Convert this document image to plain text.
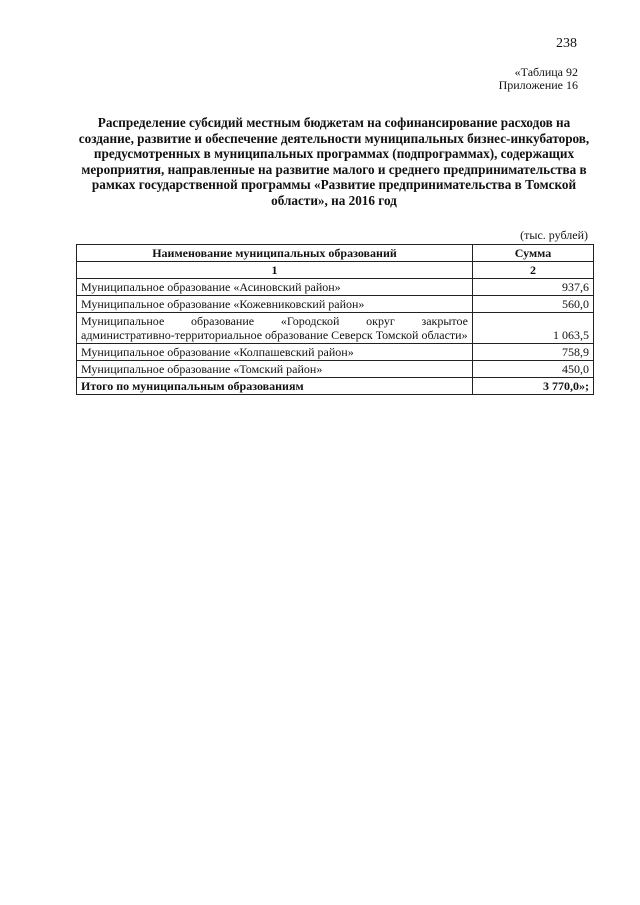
238
«Таблица 92
Приложение 16
Распределение субсидий местным бюджетам на софинансирование расходов на создание, развитие и обеспечение деятельности муниципальных бизнес-инкубаторов, предусмотренных в муниципальных программах (подпрограммах), содержащих мероприятия, направленные на развитие малого и среднего предпринимательства в рамках государственной программы «Развитие предпринимательства в Томской области», на 2016 год
(тыс. рублей)
Наименование муниципальных образований	Сумма
1	2
Муниципальное образование «Асиновский район»	937,6
Муниципальное образование «Кожевниковский район»	560,0
Муниципальное образование «Городской округ закрытое административно-территориальное образование Северск Томской области»	1 063,5
Муниципальное образование «Колпашевский район»	758,9
Муниципальное образование «Томский район»	450,0
Итого по муниципальным образованиям	3 770,0»;
